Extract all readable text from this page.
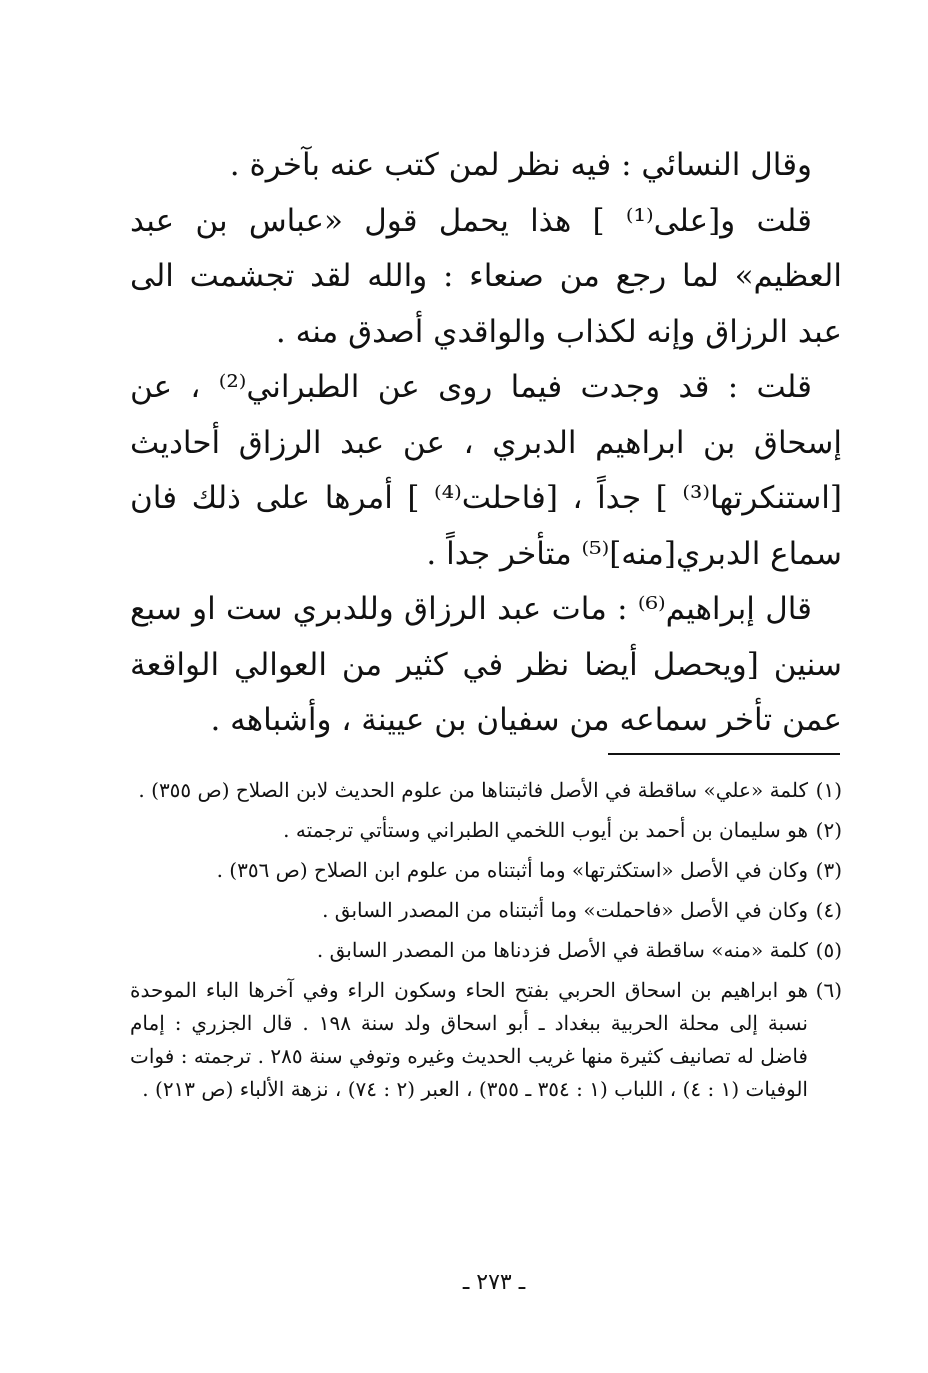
وقال النسائي : فيه نظر لمن كتب عنه بآخرة .

قلت و[على⁽¹⁾ ] هذا يحمل قول «عباس بن عبد العظيم» لما رجع من صنعاء : والله لقد تجشمت الى عبد الرزاق وإنه لكذاب والواقدي أصدق منه .

قلت : قد وجدت فيما روى عن الطبراني⁽²⁾ ، عن إسحاق بن ابراهيم الدبري ، عن عبد الرزاق أحاديث [استنكرتها⁽³⁾ ] جداً ، [فاحلت⁽⁴⁾ ] أمرها على ذلك فان سماع الدبري[منه]⁽⁵⁾ متأخر جداً .

قال إبراهيم⁽⁶⁾ : مات عبد الرزاق وللدبري ست او سبع سنين [ويحصل أيضا نظر في كثير من العوالي الواقعة عمن تأخر سماعه من سفيان بن عيينة ، وأشباهه .

(١)كلمة «علي» ساقطة في الأصل فاثبتناها من علوم الحديث لابن الصلاح (ص ٣٥٥) .

(٢)هو سليمان بن أحمد بن أيوب اللخمي الطبراني وستأتي ترجمته .

(٣)وكان في الأصل «استكثرتها» وما أثبتناه من علوم ابن الصلاح (ص ٣٥٦) .

(٤)وكان في الأصل «فاحملت» وما أثبتناه من المصدر السابق .

(٥)كلمة «منه» ساقطة في الأصل فزدناها من المصدر السابق .

(٦)هو ابراهيم بن اسحاق الحربي بفتح الحاء وسكون الراء وفي آخرها الباء الموحدة نسبة إلى محلة الحربية ببغداد ـ أبو اسحاق ولد سنة ١٩٨ . قال الجزري : إمام فاضل له تصانيف كثيرة منها غريب الحديث وغيره وتوفي سنة ٢٨٥ . ترجمته : فوات الوفيات (١ : ٤) ، اللباب (١ : ٣٥٤ ـ ٣٥٥) ، العبر (٢ : ٧٤) ، نزهة الألباء (ص ٢١٣) .

ـ ٢٧٣ ـ
